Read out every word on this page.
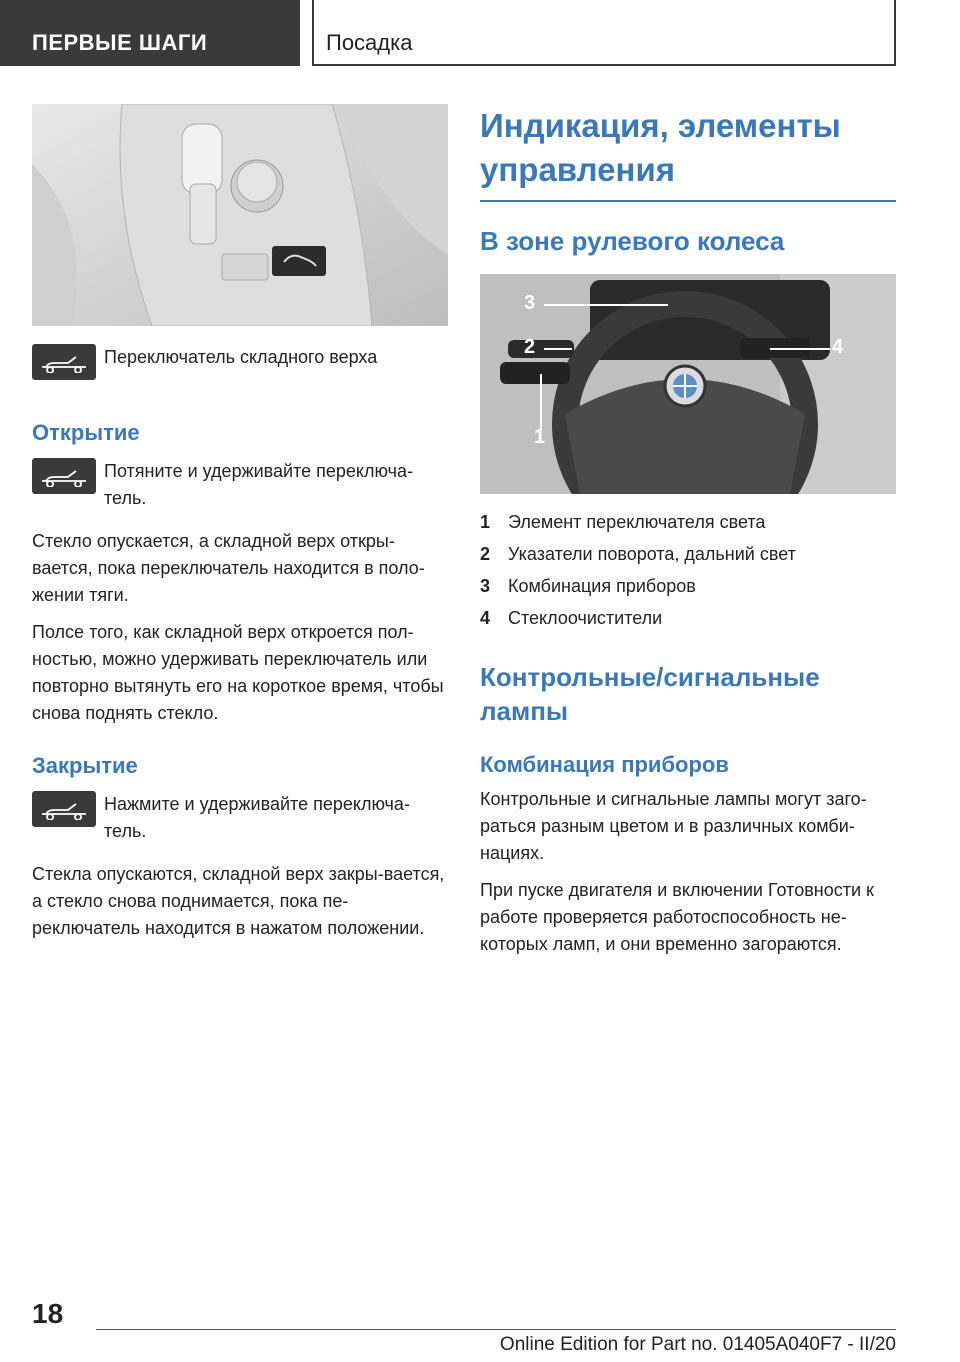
ПЕРВЫЕ ШАГИ	Посадка
Переключатель складного верха
Открытие
Потяните и удерживайте переключа-тель.
Стекло опускается, а складной верх откры-вается, пока переключатель находится в поло-жении тяги.
Полсе того, как складной верх откроется пол-ностью, можно удерживать переключатель или повторно вытянуть его на короткое время, чтобы снова поднять стекло.
Закрытие
Нажмите и удерживайте переключа-тель.
Стекла опускаются, складной верх закры-вается, а стекло снова поднимается, пока пе-реключатель находится в нажатом положении.
Индикация, элементы управления
В зоне рулевого колеса
3
2
1
4
1 Элемент переключателя света
2 Указатели поворота, дальний свет
3 Комбинация приборов
4 Стеклоочистители
Контрольные/сигнальные лампы
Комбинация приборов
Контрольные и сигнальные лампы могут заго-раться разным цветом и в различных комби-нациях.
При пуске двигателя и включении Готовности к работе проверяется работоспособность не-которых ламп, и они временно загораются.
18
Online Edition for Part no. 01405A040F7 - II/20
